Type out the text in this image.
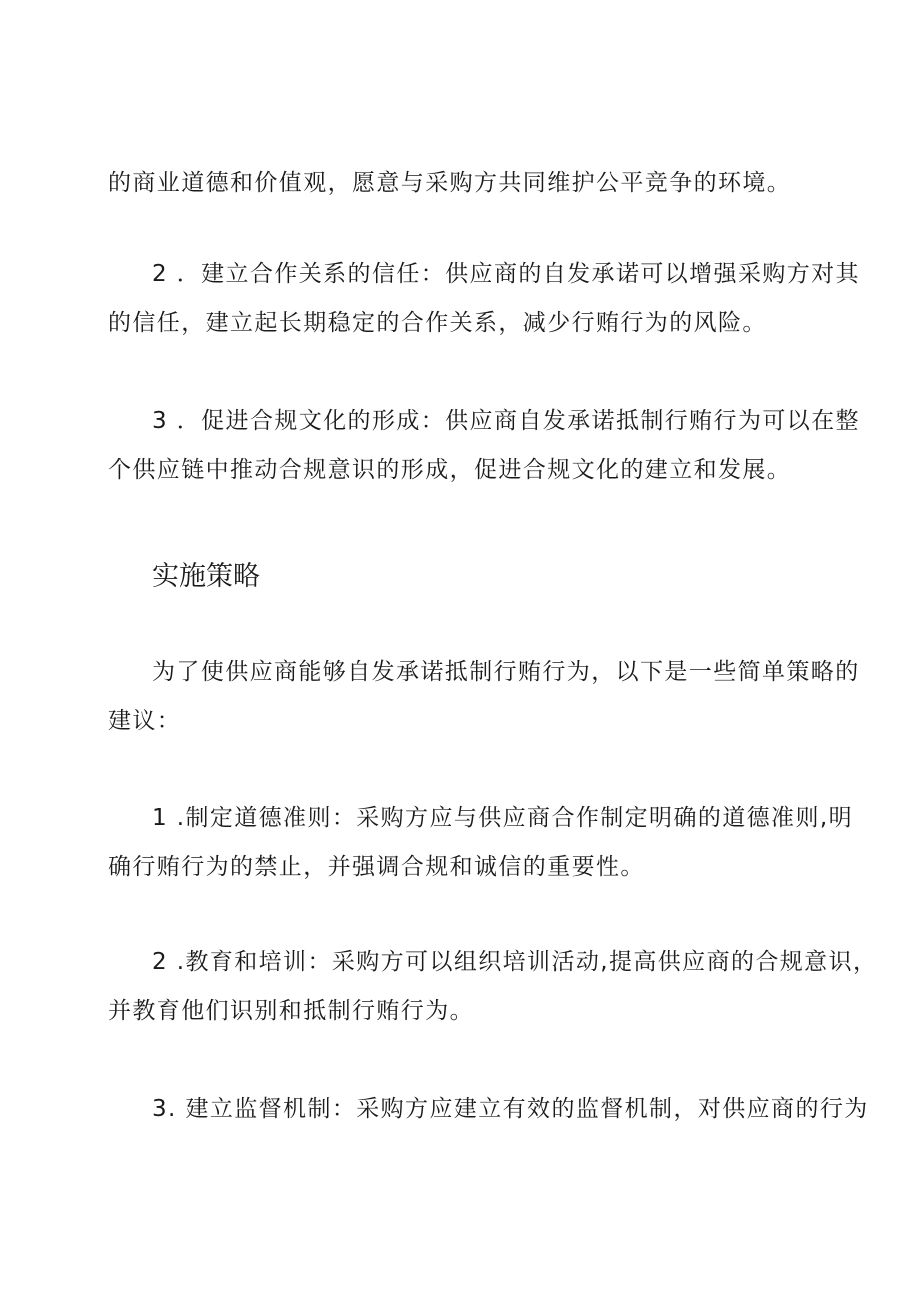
的商业道德和价值观，愿意与采购方共同维护公平竞争的环境。
2 ．建立合作关系的信任：供应商的自发承诺可以增强采购方对其
的信任，建立起长期稳定的合作关系，减少行贿行为的风险。
3 ．促进合规文化的形成：供应商自发承诺抵制行贿行为可以在整
个供应链中推动合规意识的形成，促进合规文化的建立和发展。
实施策略
为了使供应商能够自发承诺抵制行贿行为，以下是一些简单策略的
建议：
1 .制定道德准则：采购方应与供应商合作制定明确的道德准则,明
确行贿行为的禁止，并强调合规和诚信的重要性。
2 .教育和培训：采购方可以组织培训活动,提高供应商的合规意识，
并教育他们识别和抵制行贿行为。
3. 建立监督机制：采购方应建立有效的监督机制，对供应商的行为
